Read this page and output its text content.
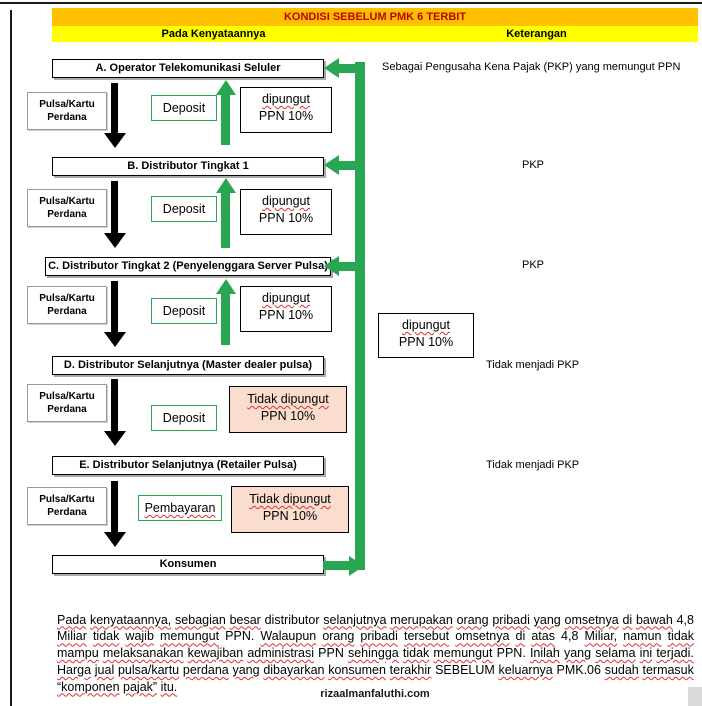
KONDISI SEBELUM PMK 6 TERBIT
Pada Kenyataannya	Keterangan
A. Operator Telekomunikasi Seluler
B. Distributor Tingkat 1
C. Distributor Tingkat 2 (Penyelenggara Server Pulsa)
D. Distributor Selanjutnya (Master dealer pulsa)
E. Distributor Selanjutnya (Retailer Pulsa)
Konsumen
Sebagai Pengusaha Kena Pajak (PKP) yang memungut PPN
PKP
PKP
Tidak menjadi PKP
Tidak menjadi PKP
Pulsa/Kartu
Perdana
Pulsa/Kartu
Perdana
Pulsa/Kartu
Perdana
Pulsa/Kartu
Perdana
Pulsa/Kartu
Perdana
Deposit
Deposit
Deposit
Deposit
Pembayaran
dipungut
PPN 10%
dipungut
PPN 10%
dipungut
PPN 10%
dipungut
PPN 10%
Tidak dipungut
PPN 10%
Tidak dipungut
PPN 10%

Pada kenyataannya, sebagian besar distributor selanjutnya merupakan orang pribadi yang omsetnya di bawah 4,8 Miliar tidak wajib memungut PPN. Walaupun orang pribadi tersebut omsetnya di atas 4,8 Miliar, namun tidak mampu melaksanakan kewajiban administrasi PPN sehingga tidak memungut PPN. Inilah yang selama ini terjadi. Harga jual pulsa/kartu perdana yang dibayarkan konsumen terakhir SEBELUM keluarnya PMK.06 sudah termasuk “komponen pajak” itu.

rizaalmanfaluthi.com
